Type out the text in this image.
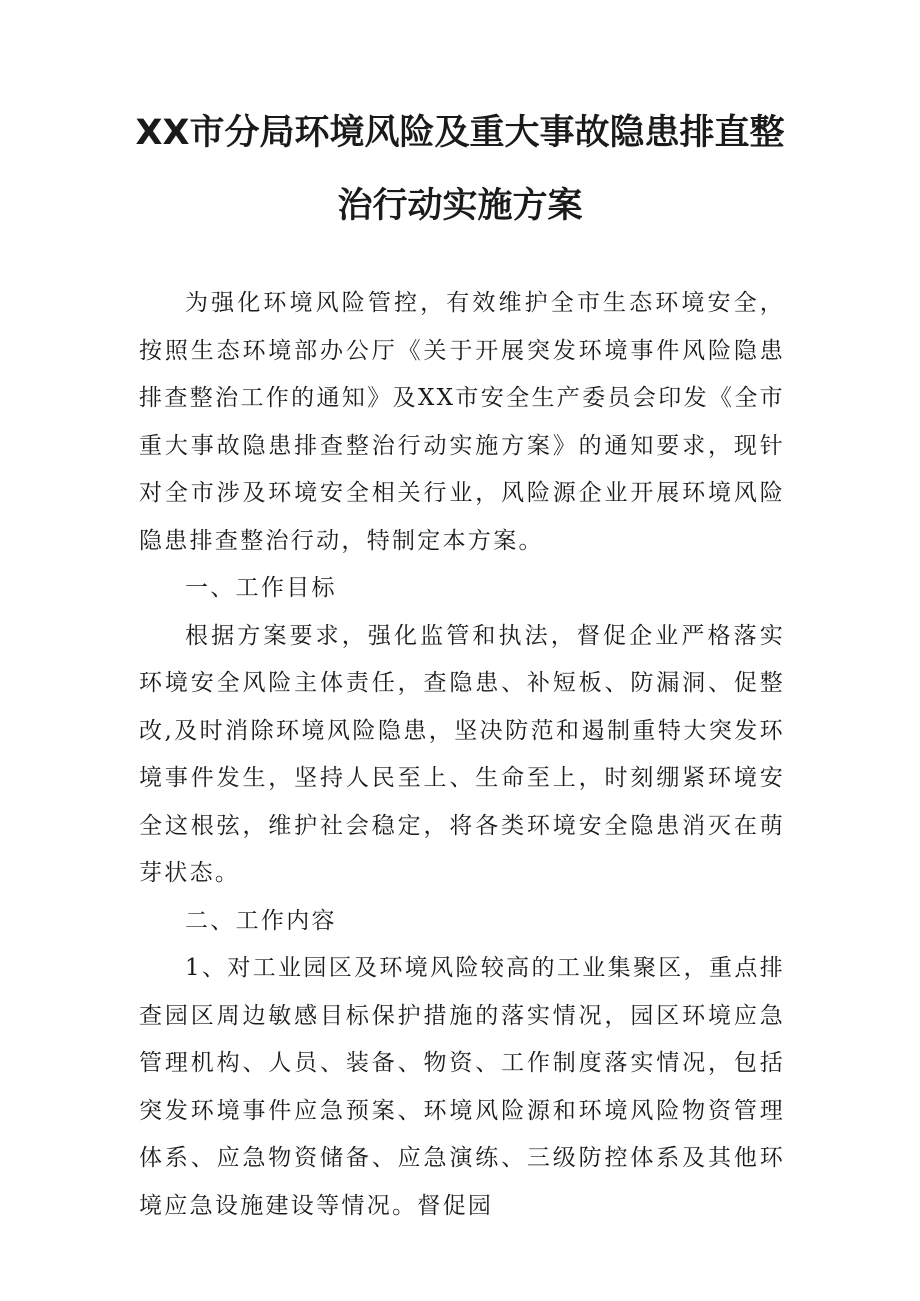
XX市分局环境风险及重大事故隐患排直整
治行动实施方案

为强化环境风险管控，有效维护全市生态环境安全，按照生态环境部办公厅《关于开展突发环境事件风险隐患排查整治工作的通知》及XX市安全生产委员会印发《全市重大事故隐患排查整治行动实施方案》的通知要求，现针对全市涉及环境安全相关行业，风险源企业开展环境风险隐患排查整治行动，特制定本方案。

一、工作目标

根据方案要求，强化监管和执法，督促企业严格落实环境安全风险主体责任，查隐患、补短板、防漏洞、促整改,及时消除环境风险隐患，坚决防范和遏制重特大突发环境事件发生，坚持人民至上、生命至上，时刻绷紧环境安全这根弦，维护社会稳定，将各类环境安全隐患消灭在萌芽状态。

二、工作内容

1、对工业园区及环境风险较高的工业集聚区，重点排查园区周边敏感目标保护措施的落实情况，园区环境应急管理机构、人员、装备、物资、工作制度落实情况，包括突发环境事件应急预案、环境风险源和环境风险物资管理体系、应急物资储备、应急演练、三级防控体系及其他环境应急设施建设等情况。督促园
